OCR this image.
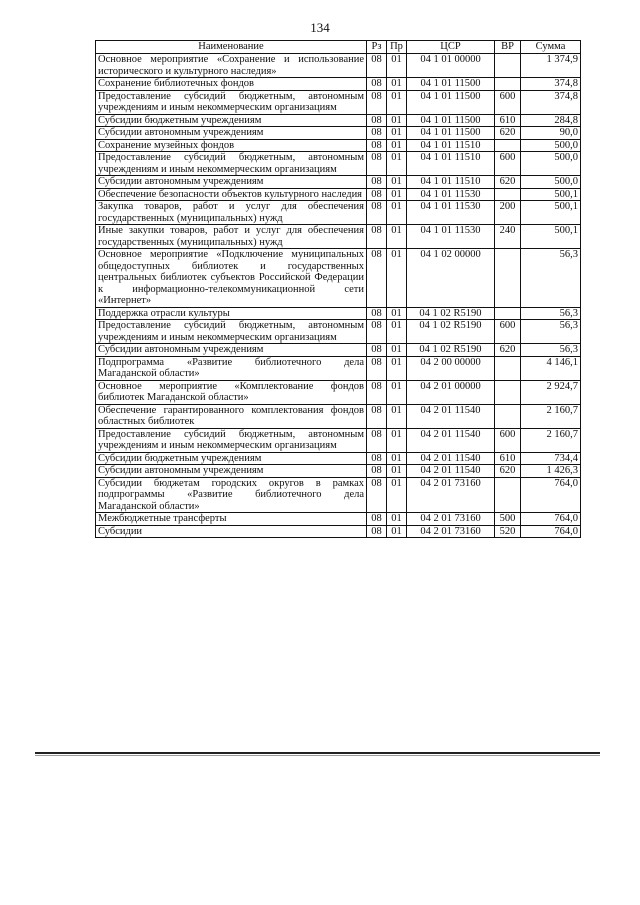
134
Наименование	Рз	Пр	ЦСР	ВР	Сумма
Основное мероприятие «Сохранение и использование исторического и культурного наследия»	08	01	04 1 01 00000		1 374,9
Сохранение библиотечных фондов	08	01	04 1 01 11500		374,8
Предоставление субсидий бюджетным, автономным учреждениям и иным некоммерческим организациям	08	01	04 1 01 11500	600	374,8
Субсидии бюджетным учреждениям	08	01	04 1 01 11500	610	284,8
Субсидии автономным учреждениям	08	01	04 1 01 11500	620	90,0
Сохранение музейных фондов	08	01	04 1 01 11510		500,0
Предоставление субсидий бюджетным, автономным учреждениям и иным некоммерческим организациям	08	01	04 1 01 11510	600	500,0
Субсидии автономным учреждениям	08	01	04 1 01 11510	620	500,0
Обеспечение безопасности объектов культурного наследия	08	01	04 1 01 11530		500,1
Закупка товаров, работ и услуг для обеспечения государственных (муниципальных) нужд	08	01	04 1 01 11530	200	500,1
Иные закупки товаров, работ и услуг для обеспечения государственных (муниципальных) нужд	08	01	04 1 01 11530	240	500,1
Основное мероприятие «Подключение муниципальных общедоступных библиотек и государственных центральных библиотек субъектов Российской Федерации к информационно-телекоммуникационной сети «Интернет»	08	01	04 1 02 00000		56,3
Поддержка отрасли культуры	08	01	04 1 02 R5190		56,3
Предоставление субсидий бюджетным, автономным учреждениям и иным некоммерческим организациям	08	01	04 1 02 R5190	600	56,3
Субсидии автономным учреждениям	08	01	04 1 02 R5190	620	56,3
Подпрограмма «Развитие библиотечного дела Магаданской области»	08	01	04 2 00 00000		4 146,1
Основное мероприятие «Комплектование фондов библиотек Магаданской области»	08	01	04 2 01 00000		2 924,7
Обеспечение гарантированного комплектования фондов областных библиотек	08	01	04 2 01 11540		2 160,7
Предоставление субсидий бюджетным, автономным учреждениям и иным некоммерческим организациям	08	01	04 2 01 11540	600	2 160,7
Субсидии бюджетным учреждениям	08	01	04 2 01 11540	610	734,4
Субсидии автономным учреждениям	08	01	04 2 01 11540	620	1 426,3
Субсидии бюджетам городских округов в рамках подпрограммы «Развитие библиотечного дела Магаданской области»	08	01	04 2 01 73160		764,0
Межбюджетные трансферты	08	01	04 2 01 73160	500	764,0
Субсидии	08	01	04 2 01 73160	520	764,0
